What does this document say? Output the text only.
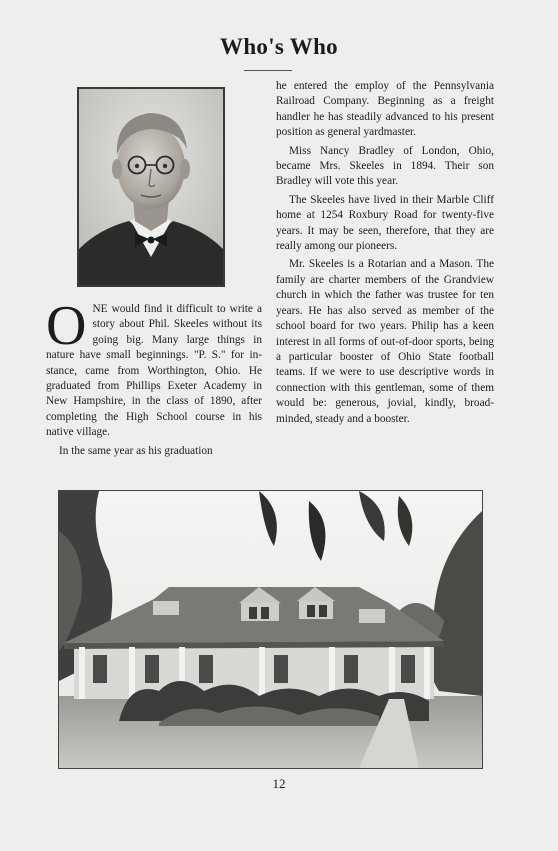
Who's Who

ONE would find it difficult to write a story about Phil. Skeeles without its going big. Many large things in nature have small beginnings. "P. S." for instance, came from Worthington, Ohio. He graduated from Phillips Exeter Academy in New Hampshire, in the class of 1890, after completing the High School course in his native village.

In the same year as his graduation

he entered the employ of the Pennsylvania Railroad Company. Beginning as a freight handler he has steadily advanced to his present position as general yardmaster.

Miss Nancy Bradley of London, Ohio, became Mrs. Skeeles in 1894. Their son Bradley will vote this year.

The Skeeles have lived in their Marble Cliff home at 1254 Roxbury Road for twenty-five years. It may be seen, therefore, that they are really among our pioneers.

Mr. Skeeles is a Rotarian and a Mason. The family are charter members of the Grandview church in which the father was trustee for ten years. He has also served as member of the school board for two years. Philip has a keen interest in all forms of out-of-door sports, being a particular booster of Ohio State football teams. If we were to use descriptive words in connection with this gentleman, some of them would be: generous, jovial, kindly, broad-minded, steady and a booster.

12
